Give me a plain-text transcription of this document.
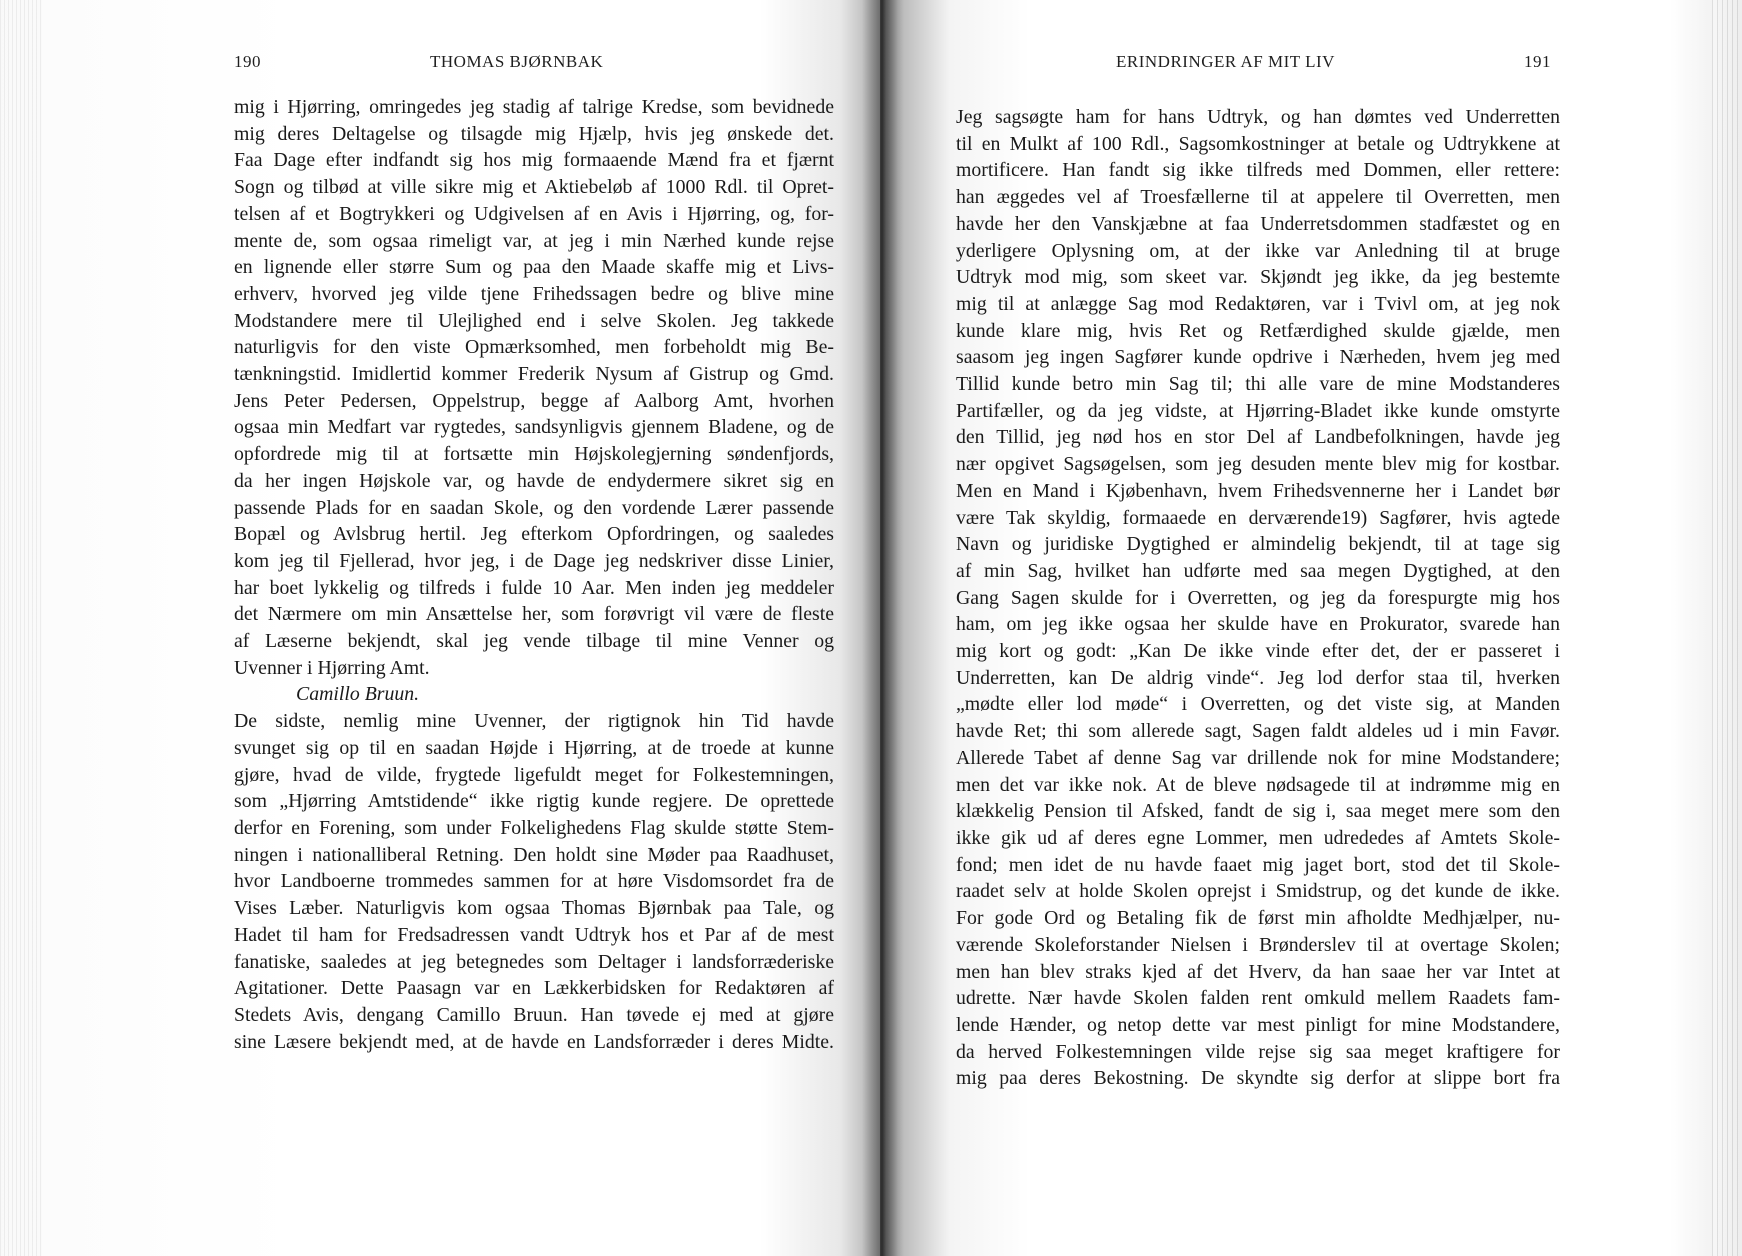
190	THOMAS BJØRNBAK
mig i Hjørring, omringedes jeg stadig af talrige Kredse, som bevidnede
mig deres Deltagelse og tilsagde mig Hjælp, hvis jeg ønskede det.
Faa Dage efter indfandt sig hos mig formaaende Mænd fra et fjærnt
Sogn og tilbød at ville sikre mig et Aktiebeløb af 1000 Rdl. til Opret-
telsen af et Bogtrykkeri og Udgivelsen af en Avis i Hjørring, og, for-
mente de, som ogsaa rimeligt var, at jeg i min Nærhed kunde rejse
en lignende eller større Sum og paa den Maade skaffe mig et Livs-
erhverv, hvorved jeg vilde tjene Frihedssagen bedre og blive mine
Modstandere mere til Ulejlighed end i selve Skolen. Jeg takkede
naturligvis for den viste Opmærksomhed, men forbeholdt mig Be-
tænkningstid. Imidlertid kommer Frederik Nysum af Gistrup og Gmd.
Jens Peter Pedersen, Oppelstrup, begge af Aalborg Amt, hvorhen
ogsaa min Medfart var rygtedes, sandsynligvis gjennem Bladene, og de
opfordrede mig til at fortsætte min Højskolegjerning søndenfjords,
da her ingen Højskole var, og havde de endydermere sikret sig en
passende Plads for en saadan Skole, og den vordende Lærer passende
Bopæl og Avlsbrug hertil. Jeg efterkom Opfordringen, og saaledes
kom jeg til Fjellerad, hvor jeg, i de Dage jeg nedskriver disse Linier,
har boet lykkelig og tilfreds i fulde 10 Aar. Men inden jeg meddeler
det Nærmere om min Ansættelse her, som forøvrigt vil være de fleste
af Læserne bekjendt, skal jeg vende tilbage til mine Venner og
Uvenner i Hjørring Amt.
Camillo Bruun.
De sidste, nemlig mine Uvenner, der rigtignok hin Tid havde
svunget sig op til en saadan Højde i Hjørring, at de troede at kunne
gjøre, hvad de vilde, frygtede ligefuldt meget for Folkestemningen,
som „Hjørring Amtstidende“ ikke rigtig kunde regjere. De oprettede
derfor en Forening, som under Folkelighedens Flag skulde støtte Stem-
ningen i nationalliberal Retning. Den holdt sine Møder paa Raadhuset,
hvor Landboerne trommedes sammen for at høre Visdomsordet fra de
Vises Læber. Naturligvis kom ogsaa Thomas Bjørnbak paa Tale, og
Hadet til ham for Fredsadressen vandt Udtryk hos et Par af de mest
fanatiske, saaledes at jeg betegnedes som Deltager i landsforræderiske
Agitationer. Dette Paasagn var en Lækkerbidsken for Redaktøren af
Stedets Avis, dengang Camillo Bruun. Han tøvede ej med at gjøre
sine Læsere bekjendt med, at de havde en Landsforræder i deres Midte.
ERINDRINGER AF MIT LIV	191
Jeg sagsøgte ham for hans Udtryk, og han dømtes ved Underretten
til en Mulkt af 100 Rdl., Sagsomkostninger at betale og Udtrykkene at
mortificere. Han fandt sig ikke tilfreds med Dommen, eller rettere:
han æggedes vel af Troesfællerne til at appelere til Overretten, men
havde her den Vanskjæbne at faa Underretsdommen stadfæstet og en
yderligere Oplysning om, at der ikke var Anledning til at bruge
Udtryk mod mig, som skeet var. Skjøndt jeg ikke, da jeg bestemte
mig til at anlægge Sag mod Redaktøren, var i Tvivl om, at jeg nok
kunde klare mig, hvis Ret og Retfærdighed skulde gjælde, men
saasom jeg ingen Sagfører kunde opdrive i Nærheden, hvem jeg med
Tillid kunde betro min Sag til; thi alle vare de mine Modstanderes
Partifæller, og da jeg vidste, at Hjørring-Bladet ikke kunde omstyrte
den Tillid, jeg nød hos en stor Del af Landbefolkningen, havde jeg
nær opgivet Sagsøgelsen, som jeg desuden mente blev mig for kostbar.
Men en Mand i Kjøbenhavn, hvem Frihedsvennerne her i Landet bør
være Tak skyldig, formaaede en derværende19) Sagfører, hvis agtede
Navn og juridiske Dygtighed er almindelig bekjendt, til at tage sig
af min Sag, hvilket han udførte med saa megen Dygtighed, at den
Gang Sagen skulde for i Overretten, og jeg da forespurgte mig hos
ham, om jeg ikke ogsaa her skulde have en Prokurator, svarede han
mig kort og godt: „Kan De ikke vinde efter det, der er passeret i
Underretten, kan De aldrig vinde“. Jeg lod derfor staa til, hverken
„mødte eller lod møde“ i Overretten, og det viste sig, at Manden
havde Ret; thi som allerede sagt, Sagen faldt aldeles ud i min Favør.
Allerede Tabet af denne Sag var drillende nok for mine Modstandere;
men det var ikke nok. At de bleve nødsagede til at indrømme mig en
klækkelig Pension til Afsked, fandt de sig i, saa meget mere som den
ikke gik ud af deres egne Lommer, men udrededes af Amtets Skole-
fond; men idet de nu havde faaet mig jaget bort, stod det til Skole-
raadet selv at holde Skolen oprejst i Smidstrup, og det kunde de ikke.
For gode Ord og Betaling fik de først min afholdte Medhjælper, nu-
værende Skoleforstander Nielsen i Brønderslev til at overtage Skolen;
men han blev straks kjed af det Hverv, da han saae her var Intet at
udrette. Nær havde Skolen falden rent omkuld mellem Raadets fam-
lende Hænder, og netop dette var mest pinligt for mine Modstandere,
da herved Folkestemningen vilde rejse sig saa meget kraftigere for
mig paa deres Bekostning. De skyndte sig derfor at slippe bort fra
